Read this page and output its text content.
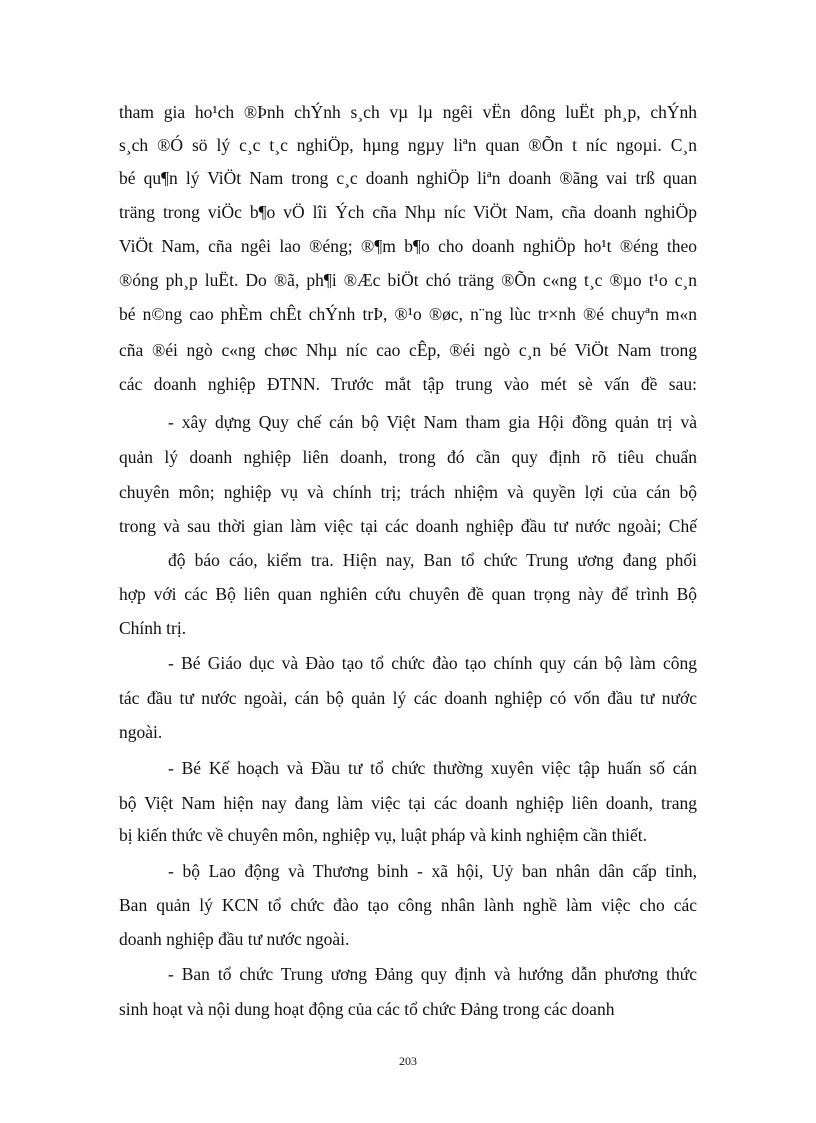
tham gia ho¹ch ®Þnh chÝnh s¸ch vµ lµ ngêi vËn dông luËt ph¸p, chÝnh
s¸ch ®Ó sö lý c¸c t¸c nghiÖp, hµng ngµy liªn quan ®Õn t níc ngoµi. C¸n
bé qu¶n lý ViÖt Nam trong c¸c doanh nghiÖp liªn doanh ®ãng vai trß quan
träng trong viÖc b¶o vÖ lîi Ých cña Nhµ níc ViÖt Nam, cña doanh nghiÖp
ViÖt Nam, cña ngêi lao ®éng; ®¶m b¶o cho doanh nghiÖp ho¹t ®éng theo
®óng ph¸p luËt. Do ®ã, ph¶i ®Æc biÖt chó träng ®Õn c«ng t¸c ®µo t¹o c¸n
bé n©ng cao phÈm chÊt chÝnh trÞ, ®¹o ®øc, n¨ng lùc tr×nh ®é chuyªn m«n
cña ®éi ngò c«ng chøc Nhµ níc cao cÊp, ®éi ngò c¸n bé ViÖt Nam trong
các doanh nghiệp ĐTNN. Trước mắt tập trung vào mét sè vấn đề sau:
- xây dựng Quy chế cán bộ Việt Nam tham gia Hội đồng quản trị và
quản lý doanh nghiệp liên doanh, trong đó cần quy định rõ tiêu chuẩn
chuyên môn; nghiệp vụ và chính trị; trách nhiệm và quyền lợi của cán bộ
trong và sau thời gian làm việc tại các doanh nghiệp đầu tư nước ngoài; Chế
độ báo cáo, kiểm tra. Hiện nay, Ban tổ chức Trung ương đang phối
hợp với các Bộ liên quan nghiên cứu chuyên đề quan trọng này để trình Bộ
Chính trị.
- Bé Giáo dục và Đào tạo tổ chức đào tạo chính quy cán bộ làm công
tác đầu tư nước ngoài, cán bộ quản lý các doanh nghiệp có vốn đầu tư nước
ngoài.
- Bé Kế hoạch và Đầu tư tổ chức thường xuyên việc tập huấn số cán
bộ Việt Nam hiện nay đang làm việc tại các doanh nghiệp liên doanh, trang
bị kiến thức về chuyên môn, nghiệp vụ, luật pháp và kinh nghiệm cần thiết.
- bộ Lao động và Thương binh - xã hội, Uỷ ban nhân dân cấp tỉnh,
Ban quản lý KCN tổ chức đào tạo công nhân lành nghề làm việc cho các
doanh nghiệp đầu tư nước ngoài.
- Ban tổ chức Trung ương Đảng quy định và hướng dẫn phương thức
sinh hoạt và nội dung hoạt động của các tổ chức Đảng trong các doanh
203
